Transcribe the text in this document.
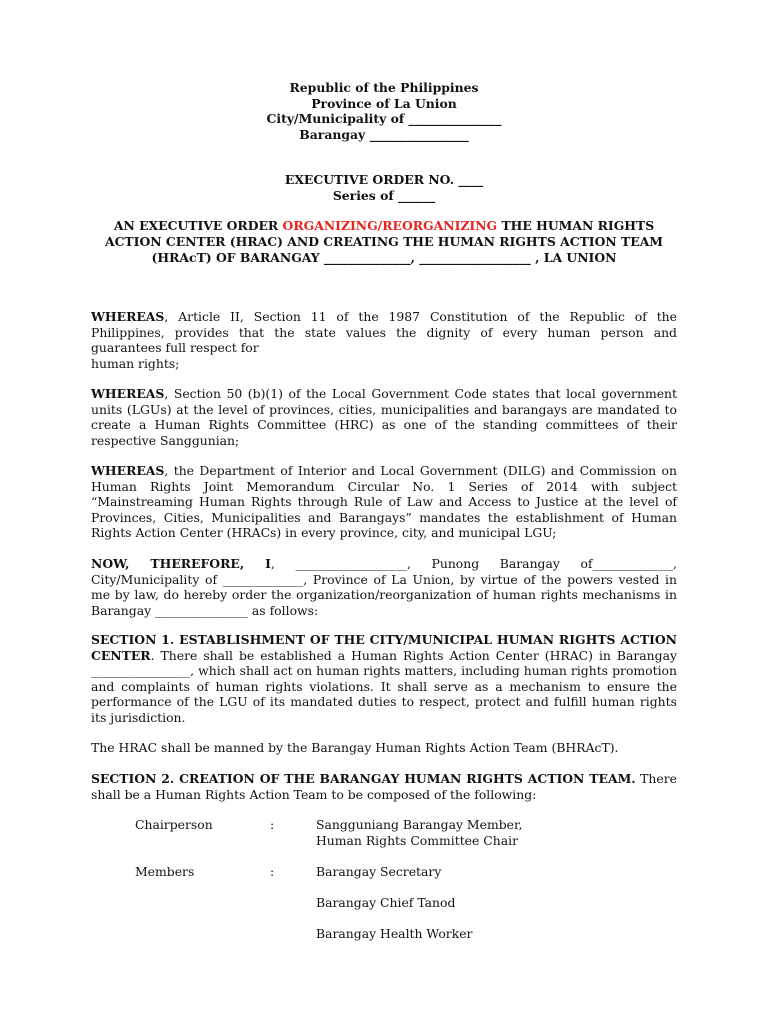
Republic of the Philippines
Province of La Union
City/Municipality of _______________
Barangay ________________
EXECUTIVE ORDER NO. ____
Series of ______
AN EXECUTIVE ORDER ORGANIZING/REORGANIZING THE HUMAN RIGHTS ACTION CENTER (HRAC) AND CREATING THE HUMAN RIGHTS ACTION TEAM (HRAcT) OF BARANGAY ______________, __________________ , LA UNION

WHEREAS, Article II, Section 11 of the 1987 Constitution of the Republic of the Philippines, provides that the state values the dignity of every human person and guarantees full respect for
human rights;

WHEREAS, Section 50 (b)(1) of the Local Government Code states that local government units (LGUs) at the level of provinces, cities, municipalities and barangays are mandated to create a Human Rights Committee (HRC) as one of the standing committees of their respective Sanggunian;

WHEREAS, the Department of Interior and Local Government (DILG) and Commission on Human Rights Joint Memorandum Circular No. 1 Series of 2014 with subject “Mainstreaming Human Rights through Rule of Law and Access to Justice at the level of Provinces, Cities, Municipalities and Barangays” mandates the establishment of Human Rights Action Center (HRACs) in every province, city, and municipal LGU;

NOW, THEREFORE, I, __________________, Punong Barangay of_____________, City/Municipality of _____________, Province of La Union, by virtue of the powers vested in me by law, do hereby order the organization/reorganization of human rights mechanisms in Barangay _______________ as follows:

SECTION 1. ESTABLISHMENT OF THE CITY/MUNICIPAL HUMAN RIGHTS ACTION CENTER. There shall be established a Human Rights Action Center (HRAC) in Barangay ________________, which shall act on human rights matters, including human rights promotion and complaints of human rights violations. It shall serve as a mechanism to ensure the performance of the LGU of its mandated duties to respect, protect and fulfill human rights its jurisdiction.

The HRAC shall be manned by the Barangay Human Rights Action Team (BHRAcT).

SECTION 2. CREATION OF THE BARANGAY HUMAN RIGHTS ACTION TEAM. There shall be a Human Rights Action Team to be composed of the following:

Chairperson	:	Sangguniang Barangay Member,
Human Rights Committee Chair
Members	:	Barangay Secretary
Barangay Chief Tanod
Barangay Health Worker
